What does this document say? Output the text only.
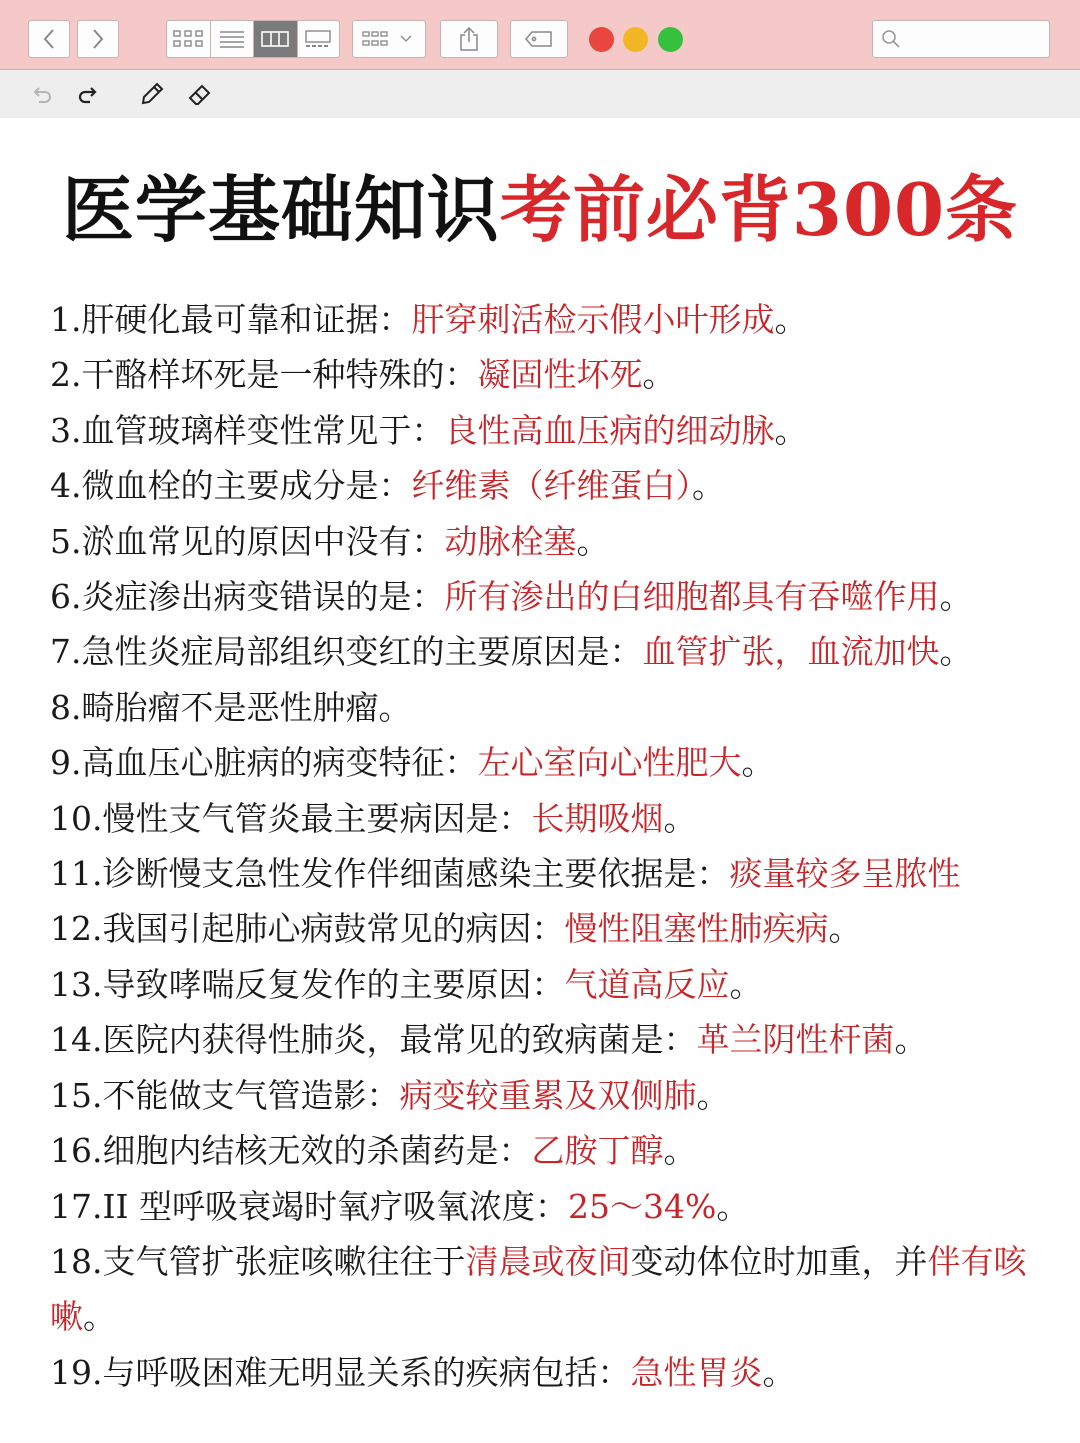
医学基础知识考前必背300条
1.肝硬化最可靠和证据：肝穿刺活检示假小叶形成。
2.干酪样坏死是一种特殊的：凝固性坏死。
3.血管玻璃样变性常见于：良性高血压病的细动脉。
4.微血栓的主要成分是：纤维素（纤维蛋白）。
5.淤血常见的原因中没有：动脉栓塞。
6.炎症渗出病变错误的是：所有渗出的白细胞都具有吞噬作用。
7.急性炎症局部组织变红的主要原因是：血管扩张，血流加快。
8.畸胎瘤不是恶性肿瘤。
9.高血压心脏病的病变特征：左心室向心性肥大。
10.慢性支气管炎最主要病因是：长期吸烟。
11.诊断慢支急性发作伴细菌感染主要依据是：痰量较多呈脓性
12.我国引起肺心病鼓常见的病因：慢性阻塞性肺疾病。
13.导致哮喘反复发作的主要原因：气道高反应。
14.医院内获得性肺炎，最常见的致病菌是：革兰阴性杆菌。
15.不能做支气管造影：病变较重累及双侧肺。
16.细胞内结核无效的杀菌药是：乙胺丁醇。
17.II 型呼吸衰竭时氧疗吸氧浓度：25～34%。
18.支气管扩张症咳嗽往往于清晨或夜间变动体位时加重，并伴有咳嗽。
19.与呼吸困难无明显关系的疾病包括：急性胃炎。
